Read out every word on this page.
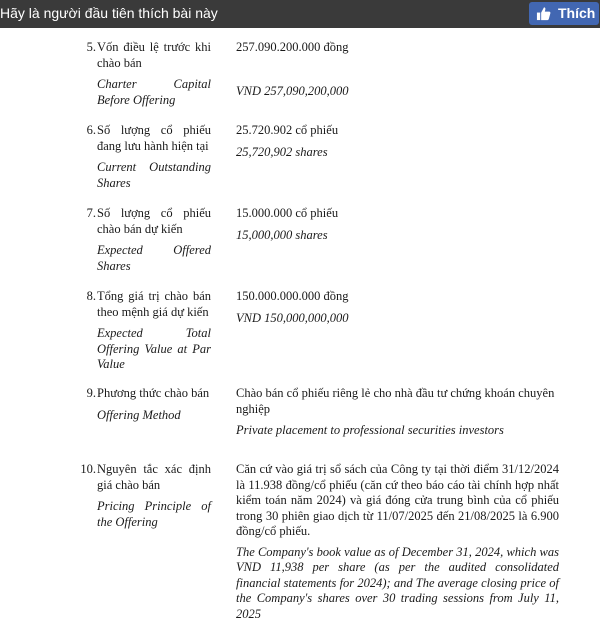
Hãy là người đầu tiên thích bài này	Thích
5. Vốn điều lệ trước khi chào bán
Charter Capital Before Offering
257.090.200.000 đồng
VND 257,090,200,000
6. Số lượng cổ phiếu đang lưu hành hiện tại
Current Outstanding Shares
25.720.902 cổ phiếu
25,720,902 shares
7. Số lượng cổ phiếu chào bán dự kiến
Expected Offered Shares
15.000.000 cổ phiếu
15,000,000 shares
8. Tổng giá trị chào bán theo mệnh giá dự kiến
Expected Total Offering Value at Par Value
150.000.000.000 đồng
VND 150,000,000,000
9. Phương thức chào bán
Offering Method
Chào bán cổ phiếu riêng lẻ cho nhà đầu tư chứng khoán chuyên nghiệp
Private placement to professional securities investors
10. Nguyên tắc xác định giá chào bán
Pricing Principle of the Offering
Căn cứ vào giá trị sổ sách của Công ty tại thời điểm 31/12/2024 là 11.938 đồng/cổ phiếu (căn cứ theo báo cáo tài chính hợp nhất kiểm toán năm 2024) và giá đóng cửa trung bình của cổ phiếu trong 30 phiên giao dịch từ 11/07/2025 đến 21/08/2025 là 6.900 đồng/cổ phiếu.
The Company's book value as of December 31, 2024, which was VND 11,938 per share (as per the audited consolidated financial statements for 2024); and The average closing price of the Company's shares over 30 trading sessions from July 11, 2025
